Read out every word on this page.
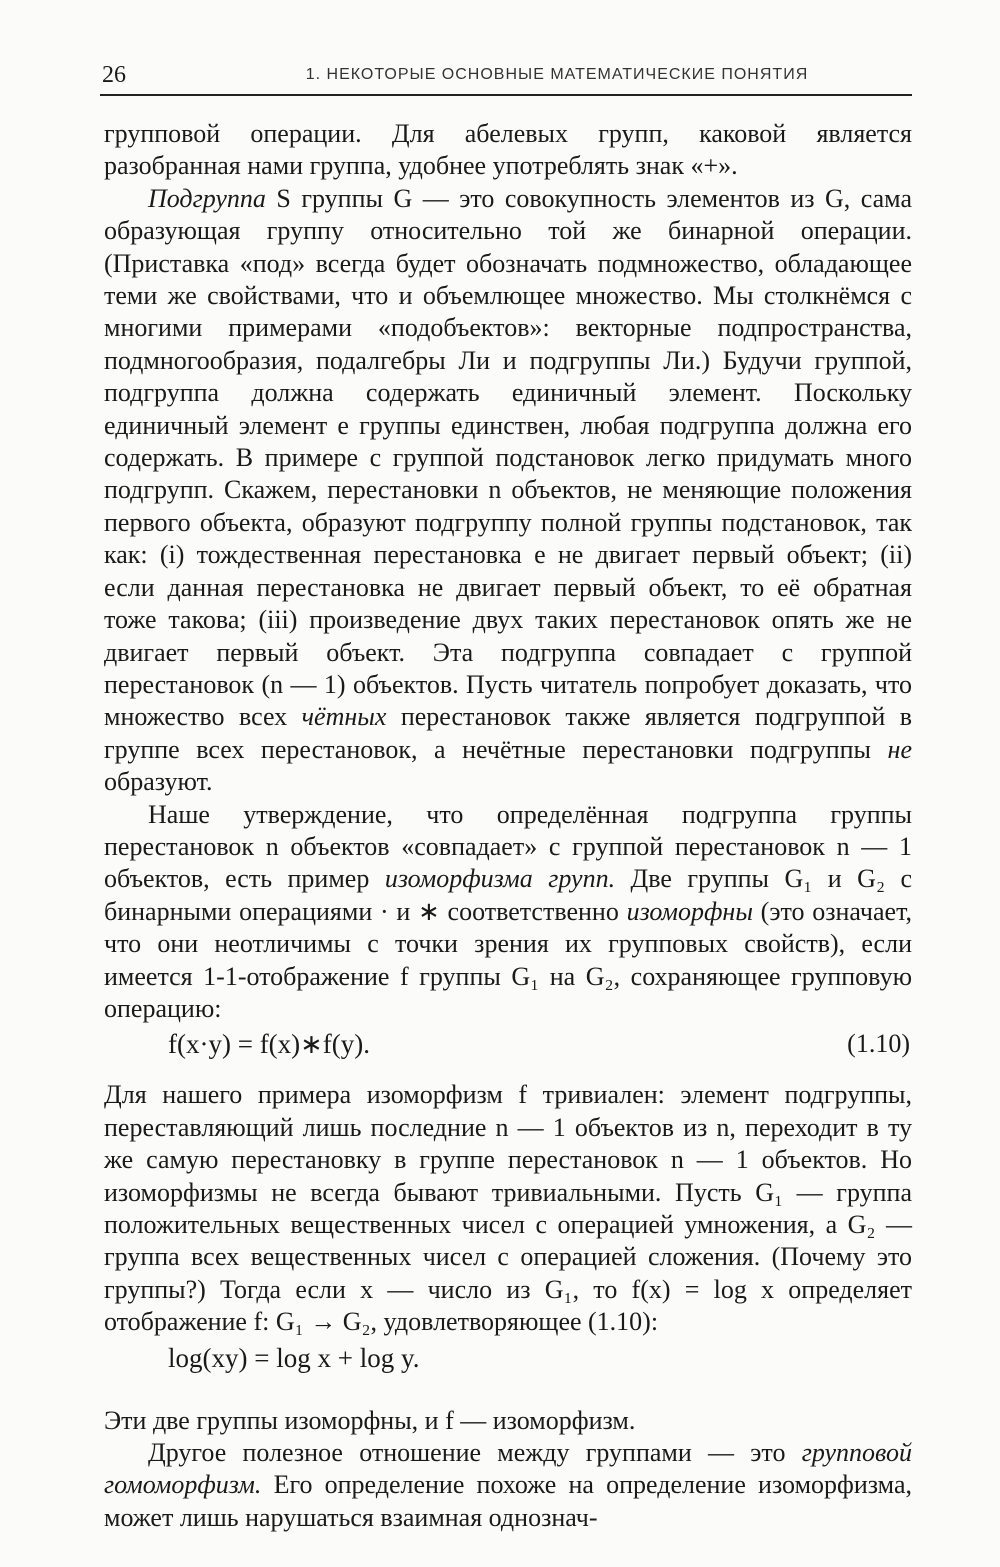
26	1. НЕКОТОРЫЕ ОСНОВНЫЕ МАТЕМАТИЧЕСКИЕ ПОНЯТИЯ

групповой операции. Для абелевых групп, каковой является разобранная нами группа, удобнее употреблять знак «+».

Подгруппа S группы G — это совокупность элементов из G, сама образующая группу относительно той же бинарной операции. (Приставка «под» всегда будет обозначать подмножество, обладающее теми же свойствами, что и объемлющее множество. Мы столкнёмся с многими примерами «подобъектов»: векторные подпространства, подмногообразия, подалгебры Ли и подгруппы Ли.) Будучи группой, подгруппа должна содержать единичный элемент. Поскольку единичный элемент e группы единствен, любая подгруппа должна его содержать. В примере с группой подстановок легко придумать много подгрупп. Скажем, перестановки n объектов, не меняющие положения первого объекта, образуют подгруппу полной группы подстановок, так как: (i) тождественная перестановка e не двигает первый объект; (ii) если данная перестановка не двигает первый объект, то её обратная тоже такова; (iii) произведение двух таких перестановок опять же не двигает первый объект. Эта подгруппа совпадает с группой перестановок (n — 1) объектов. Пусть читатель попробует доказать, что множество всех чётных перестановок также является подгруппой в группе всех перестановок, а нечётные перестановки подгруппы не образуют.

Наше утверждение, что определённая подгруппа группы перестановок n объектов «совпадает» с группой перестановок n — 1 объектов, есть пример изоморфизма групп. Две группы G₁ и G₂ с бинарными операциями · и ∗ соответственно изоморфны (это означает, что они неотличимы с точки зрения их групповых свойств), если имеется 1-1-отображение f группы G₁ на G₂, сохраняющее групповую операцию:

f(x·y) = f(x)∗f(y).	(1.10)

Для нашего примера изоморфизм f тривиален: элемент подгруппы, переставляющий лишь последние n — 1 объектов из n, переходит в ту же самую перестановку в группе перестановок n — 1 объектов. Но изоморфизмы не всегда бывают тривиальными. Пусть G₁ — группа положительных вещественных чисел с операцией умножения, а G₂ — группа всех вещественных чисел с операцией сложения. (Почему это группы?) Тогда если x — число из G₁, то f(x) = log x определяет отображение f: G₁ → G₂, удовлетворяющее (1.10):

log(xy) = log x + log y.

Эти две группы изоморфны, и f — изоморфизм.

Другое полезное отношение между группами — это групповой гомоморфизм. Его определение похоже на определение изоморфизма, может лишь нарушаться взаимная однознач-
